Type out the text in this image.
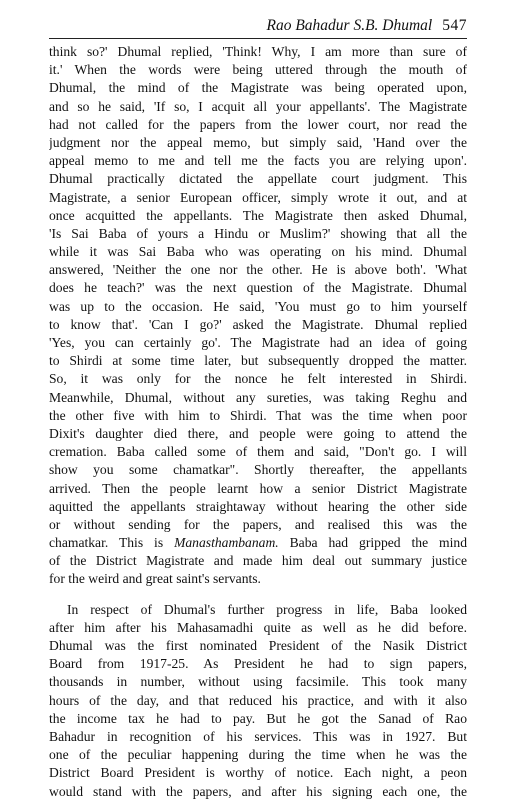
Rao Bahadur S.B. Dhumal 547
think so?' Dhumal replied, 'Think! Why, I am more than sure of
it.' When the words were being uttered through the mouth of
Dhumal, the mind of the Magistrate was being operated upon,
and so he said, 'If so, I acquit all your appellants'. The Magistrate
had not called for the papers from the lower court, nor read the
judgment nor the appeal memo, but simply said, 'Hand over the
appeal memo to me and tell me the facts you are relying upon'.
Dhumal practically dictated the appellate court judgment. This
Magistrate, a senior European officer, simply wrote it out, and at
once acquitted the appellants. The Magistrate then asked Dhumal,
'Is Sai Baba of yours a Hindu or Muslim?' showing that all the
while it was Sai Baba who was operating on his mind. Dhumal
answered, 'Neither the one nor the other. He is above both'. 'What
does he teach?' was the next question of the Magistrate. Dhumal
was up to the occasion. He said, 'You must go to him yourself
to know that'. 'Can I go?' asked the Magistrate. Dhumal replied
'Yes, you can certainly go'. The Magistrate had an idea of going
to Shirdi at some time later, but subsequently dropped the matter.
So, it was only for the nonce he felt interested in Shirdi.
Meanwhile, Dhumal, without any sureties, was taking Reghu and
the other five with him to Shirdi. That was the time when poor
Dixit's daughter died there, and people were going to attend the
cremation. Baba called some of them and said, "Don't go. I will
show you some chamatkar". Shortly thereafter, the appellants
arrived. Then the people learnt how a senior District Magistrate
aquitted the appellants straightaway without hearing the other side
or without sending for the papers, and realised this was the
chamatkar. This is Manasthambanam. Baba had gripped the mind
of the District Magistrate and made him deal out summary justice
for the weird and great saint's servants.
In respect of Dhumal's further progress in life, Baba looked
after him after his Mahasamadhi quite as well as he did before.
Dhumal was the first nominated President of the Nasik District
Board from 1917-25. As President he had to sign papers,
thousands in number, without using facsimile. This took many
hours of the day, and that reduced his practice, and with it also
the income tax he had to pay. But he got the Sanad of Rao
Bahadur in recognition of his services. This was in 1927. But
one of the peculiar happening during the time when he was the
District Board President is worthy of notice. Each night, a peon
would stand with the papers, and after his signing each one, the
